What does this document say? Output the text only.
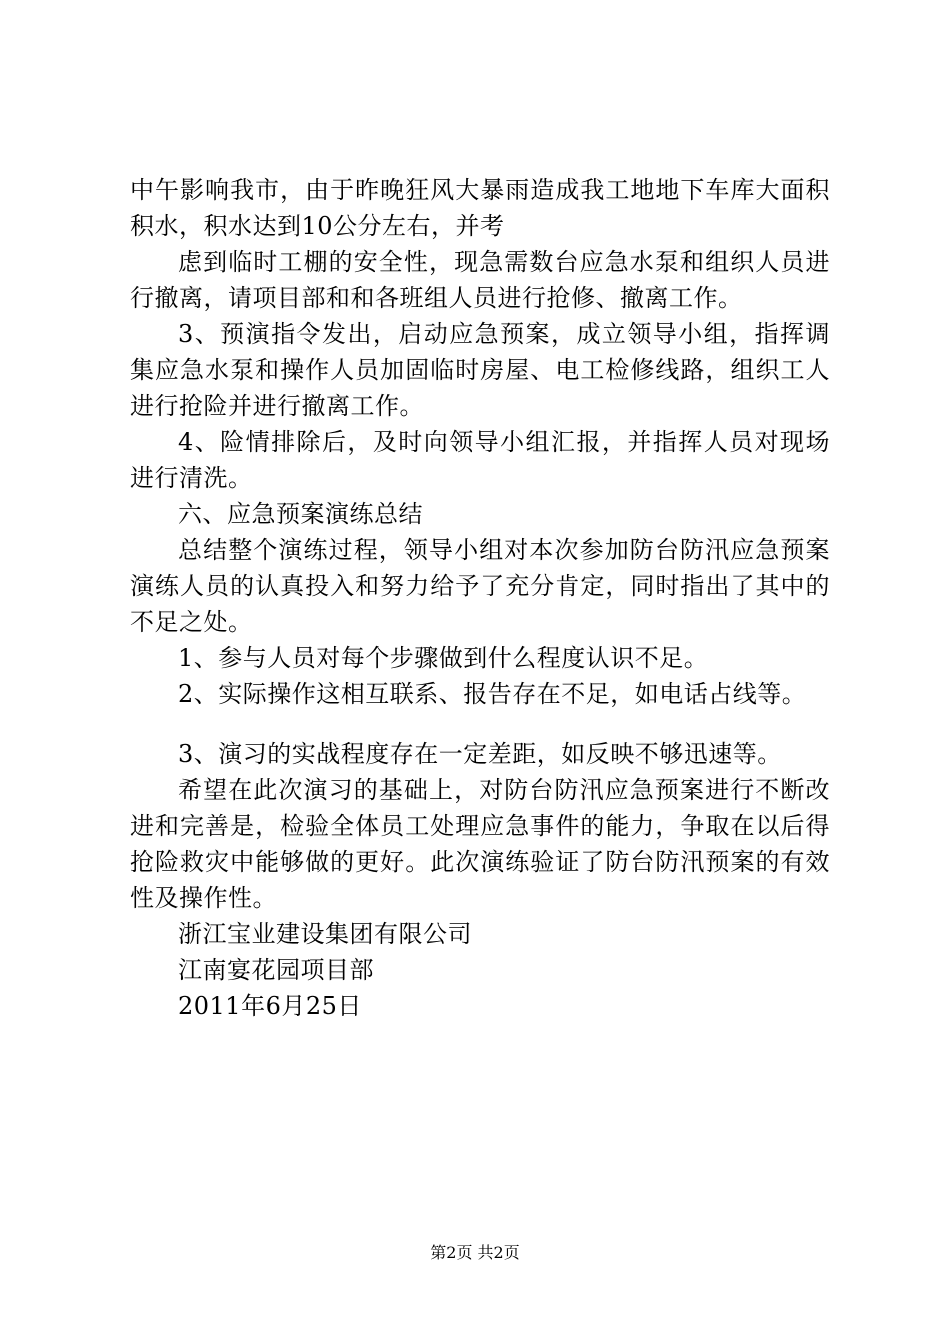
中午影响我市，由于昨晚狂风大暴雨造成我工地地下车库大面积积水，积水达到10公分左右，并考

虑到临时工棚的安全性，现急需数台应急水泵和组织人员进行撤离，请项目部和和各班组人员进行抢修、撤离工作。

3、预演指令发出，启动应急预案，成立领导小组，指挥调集应急水泵和操作人员加固临时房屋、电工检修线路，组织工人进行抢险并进行撤离工作。

4、险情排除后，及时向领导小组汇报，并指挥人员对现场进行清洗。

六、应急预案演练总结

总结整个演练过程，领导小组对本次参加防台防汛应急预案演练人员的认真投入和努力给予了充分肯定，同时指出了其中的不足之处。

1、参与人员对每个步骤做到什么程度认识不足。

2、实际操作这相互联系、报告存在不足，如电话占线等。

3、演习的实战程度存在一定差距，如反映不够迅速等。

希望在此次演习的基础上，对防台防汛应急预案进行不断改进和完善是，检验全体员工处理应急事件的能力，争取在以后得抢险救灾中能够做的更好。此次演练验证了防台防汛预案的有效性及操作性。

浙江宝业建设集团有限公司

江南宴花园项目部

2011年6月25日

第2页 共2页
